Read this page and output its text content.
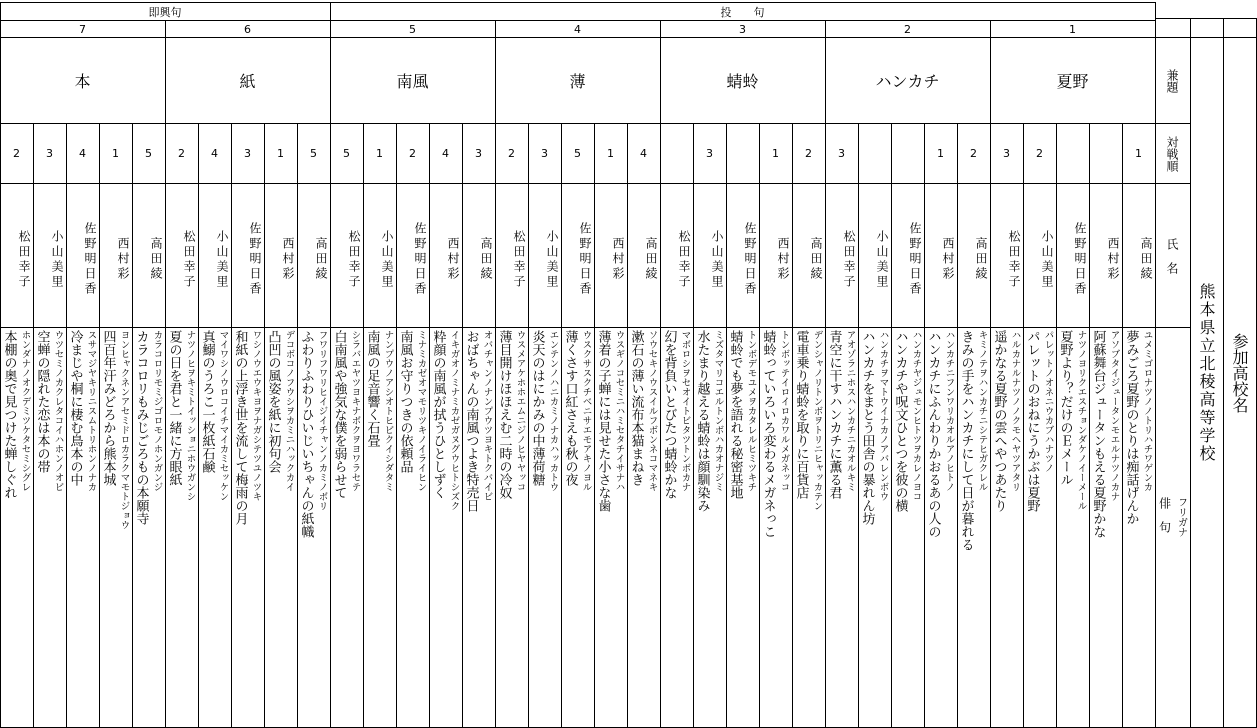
即興句	投　　句
7
本
2
松田幸子
ホンダナノオクデミツケタセミシグレ
本棚の奥で見つけた蝉しぐれ
3
小山美里
ウツセミノカクレタコイハホンノオビ
空蝉の隠れた恋は本の帯
4
佐野明日香
スサマジヤキリニスムトリホンノナカ
冷まじや桐に棲む鳥本の中
1
西村彩
ヨンヒャクネンアセミドロカラクマモトジョウ
四百年汗みどろから熊本城
5
高田綾
カラコロリモミジゴロモノホンガンジ
カラコロリもみじごろもの本願寺
6
紙
2
松田幸子
ナツノヒヲキミトイッショニホウガンシ
夏の日を君と一緒に方眼紙
4
小山美里
マイワシノウロコイチマイカミセッケン
真鰯のうろこ一枚紙石鹸
3
佐野明日香
ワシノウエウキヨヲナガシテツユノツキ
和紙の上浮き世を流して梅雨の月
1
西村彩
デコボコノフウシヲカミニハックカイ
凸凹の風姿を紙に初句会
5
高田綾
フワリフワリヒイジイチャンノカミノボリ
ふわりふわりひいじいちゃんの紙幟
5
南風
5
松田幸子
シラバエヤツヨキナボクヲヨワラセテ
白南風や強気な僕を弱らせて
1
小山美里
ナンプウノアシオトヒビクイシダタミ
南風の足音響く石畳
2
佐野明日香
ミナミカゼオマモリツキノイライヒン
南風お守りつきの依頼品
4
西村彩
イキガオノミナミカゼガヌグウヒトシズク
粋顔の南風が拭うひとしずく
3
高田綾
オバチャンノナンプウツヨキトクバイビ
おばちゃんの南風つよき特売日
4
薄
2
松田幸子
ウスメアケホホエムニジノヒヤヤッコ
薄目開けほほえむ二時の冷奴
3
小山美里
エンテンノハニカミノナカハッカトウ
炎天のはにかみの中薄荷糖
5
佐野明日香
ウスクサスクチベニサエモアキノヨル
薄くさす口紅さえも秋の夜
1
西村彩
ウスギノコセミニハミセタチイサナハ
薄着の子蝉には見せた小さな歯
4
高田綾
ソウセキノウスイルフボンネコマネキ
漱石の薄い流布本猫まねき
3
蜻蛉
松田幸子
マボロシヲセオイトビタツトンボカナ
幻を背負いとびたつ蜻蛉かな
3
小山美里
ミズタマリコエルトンボハカオナジミ
水たまり越える蜻蛉は顔馴染み
佐野明日香
トンボデモユメヲカタレルヒミツキチ
蜻蛉でも夢を語れる秘密基地
1
西村彩
トンボッテイロイロカワルメガネッコ
蜻蛉っていろいろ変わるメガネっこ
2
高田綾
デンシャノリトンボヲトリニヒャッカテン
電車乗り蜻蛉を取りに百貨店
2
ハンカチ
3
松田幸子
アオゾラニホスハンカチニカオルキミ
青空に干すハンカチに薫る君
小山美里
ハンカチヲマトウイナカノアバレンボウ
ハンカチをまとう田舎の暴れん坊
佐野明日香
ハンカチヤジュモンヒトツヲカレノヨコ
ハンカチや呪文ひとつを彼の横
1
西村彩
ハンカチニフンワリカオルアノヒトノ
ハンカチにふんわりかおるあの人の
2
高田綾
キミノテヲハンカチニシテヒガクレル
きみの手をハンカチにして日が暮れる
1
夏野
3
松田幸子
ハルカナルナツノノクモヘヤツアタリ
遥かなる夏野の雲へやつあたり
2
小山美里
パレットノオネニウカブハナツノ
パレットのおねにうかぶは夏野
佐野明日香
ナツノヨリクエスチョンダケノイーメール
夏野より？だけのＥメール
西村彩
アソブタイジュータンモエルナツノカナ
阿蘇舞台ジュータンもえる夏野かな
1
高田綾
ユメミゴロナツノノトリハチワゲンカ
夢みごろ夏野のとりは痴話げんか
兼題
対戦順
氏　名
フリガナ
俳　句
熊本県立北稜高等学校 参加高校名
